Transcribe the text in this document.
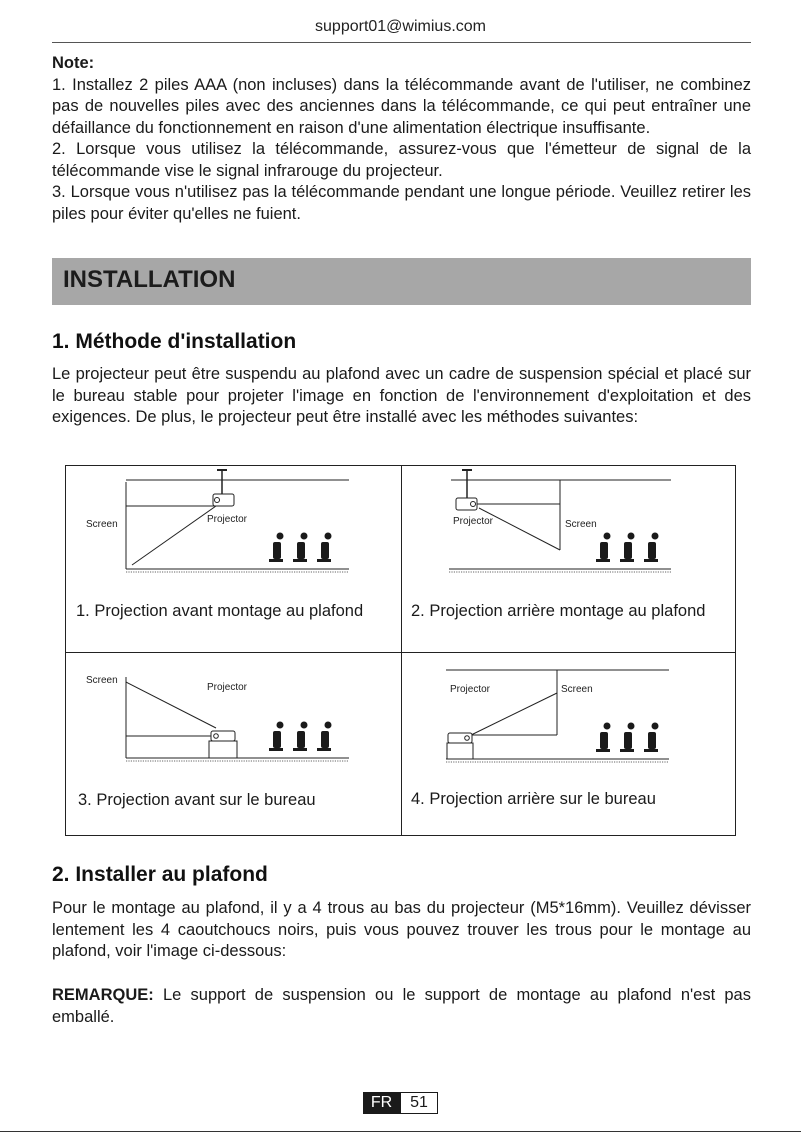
support01@wimius.com
Note:
1. Installez 2 piles AAA (non incluses) dans la télécommande avant de l'utiliser, ne combinez pas de nouvelles piles avec des anciennes dans la télécommande, ce qui peut entraîner une défaillance du fonctionnement en raison d'une alimentation électrique insuffisante.
2. Lorsque vous utilisez la télécommande, assurez-vous que l'émetteur de signal de la télécommande vise le signal infrarouge du projecteur.
3. Lorsque vous n'utilisez pas la télécommande pendant une longue période. Veuillez retirer les piles pour éviter qu'elles ne fuient.
INSTALLATION
1. Méthode d'installation
Le projecteur peut être suspendu au plafond avec un cadre de suspension spécial et placé sur le bureau stable pour projeter l'image en fonction de l'environnement d'exploitation et des exigences. De plus, le projecteur peut être installé avec les méthodes suivantes:
Screen	Projector
1. Projection avant montage au plafond
Projector	Screen
2. Projection arrière montage au plafond
Screen
Projector
3. Projection avant sur le bureau
Projector	Screen
4. Projection arrière sur le bureau
2. Installer au plafond
Pour le montage au plafond, il y a 4 trous au bas du projecteur (M5*16mm). Veuillez dévisser lentement les 4 caoutchoucs noirs, puis vous pouvez trouver les trous pour le montage au plafond, voir l'image ci-dessous:
REMARQUE: Le support de suspension ou le support de montage au plafond n'est pas emballé.
FR	51
